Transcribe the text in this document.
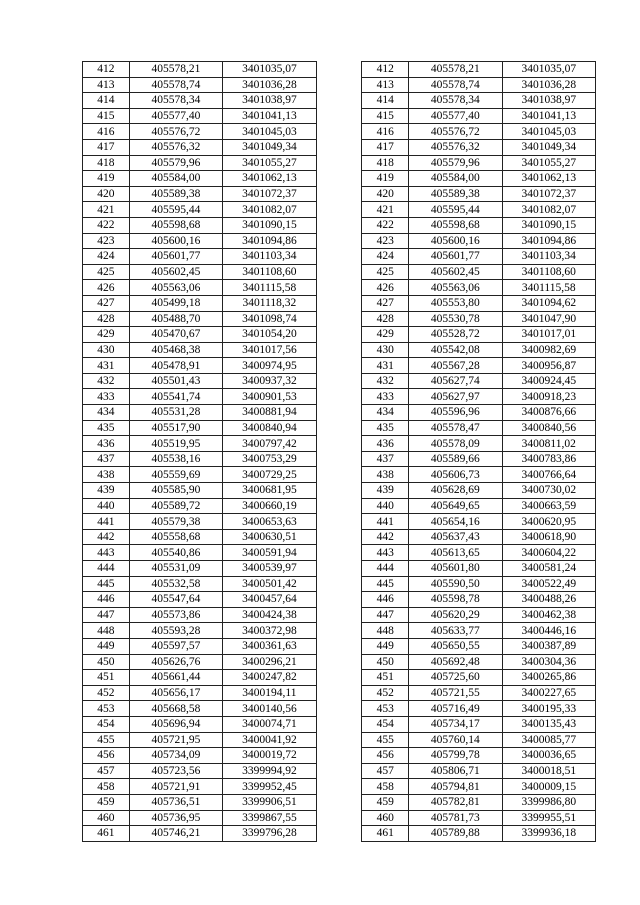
412	405578,21	3401035,07		412	405578,21	3401035,07
413	405578,74	3401036,28		413	405578,74	3401036,28
414	405578,34	3401038,97		414	405578,34	3401038,97
415	405577,40	3401041,13		415	405577,40	3401041,13
416	405576,72	3401045,03		416	405576,72	3401045,03
417	405576,32	3401049,34		417	405576,32	3401049,34
418	405579,96	3401055,27		418	405579,96	3401055,27
419	405584,00	3401062,13		419	405584,00	3401062,13
420	405589,38	3401072,37		420	405589,38	3401072,37
421	405595,44	3401082,07		421	405595,44	3401082,07
422	405598,68	3401090,15		422	405598,68	3401090,15
423	405600,16	3401094,86		423	405600,16	3401094,86
424	405601,77	3401103,34		424	405601,77	3401103,34
425	405602,45	3401108,60		425	405602,45	3401108,60
426	405563,06	3401115,58		426	405563,06	3401115,58
427	405499,18	3401118,32		427	405553,80	3401094,62
428	405488,70	3401098,74		428	405530,78	3401047,90
429	405470,67	3401054,20		429	405528,72	3401017,01
430	405468,38	3401017,56		430	405542,08	3400982,69
431	405478,91	3400974,95		431	405567,28	3400956,87
432	405501,43	3400937,32		432	405627,74	3400924,45
433	405541,74	3400901,53		433	405627,97	3400918,23
434	405531,28	3400881,94		434	405596,96	3400876,66
435	405517,90	3400840,94		435	405578,47	3400840,56
436	405519,95	3400797,42		436	405578,09	3400811,02
437	405538,16	3400753,29		437	405589,66	3400783,86
438	405559,69	3400729,25		438	405606,73	3400766,64
439	405585,90	3400681,95		439	405628,69	3400730,02
440	405589,72	3400660,19		440	405649,65	3400663,59
441	405579,38	3400653,63		441	405654,16	3400620,95
442	405558,68	3400630,51		442	405637,43	3400618,90
443	405540,86	3400591,94		443	405613,65	3400604,22
444	405531,09	3400539,97		444	405601,80	3400581,24
445	405532,58	3400501,42		445	405590,50	3400522,49
446	405547,64	3400457,64		446	405598,78	3400488,26
447	405573,86	3400424,38		447	405620,29	3400462,38
448	405593,28	3400372,98		448	405633,77	3400446,16
449	405597,57	3400361,63		449	405650,55	3400387,89
450	405626,76	3400296,21		450	405692,48	3400304,36
451	405661,44	3400247,82		451	405725,60	3400265,86
452	405656,17	3400194,11		452	405721,55	3400227,65
453	405668,58	3400140,56		453	405716,49	3400195,33
454	405696,94	3400074,71		454	405734,17	3400135,43
455	405721,95	3400041,92		455	405760,14	3400085,77
456	405734,09	3400019,72		456	405799,78	3400036,65
457	405723,56	3399994,92		457	405806,71	3400018,51
458	405721,91	3399952,45		458	405794,81	3400009,15
459	405736,51	3399906,51		459	405782,81	3399986,80
460	405736,95	3399867,55		460	405781,73	3399955,51
461	405746,21	3399796,28		461	405789,88	3399936,18
